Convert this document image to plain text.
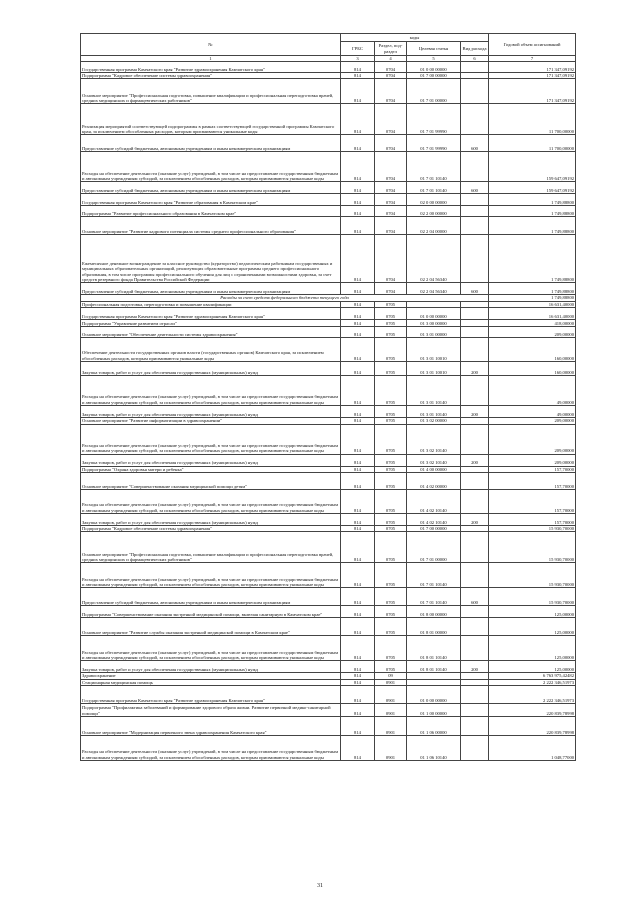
№	коды				Годовой объем ассигнований
	ГРБС	Раздел, под-раздел	Целевая статья	Вид расхода	
1	3	4	5	6	7
Государственная программа Камчатского края "Развитие здравоохранения Камчатского края"	814	0704	01 0 00 00000		171 347,09192
Подпрограмма "Кадровое обеспечение системы здравоохранения"	814	0704	01 7 00 00000		171 347,09192
Основное мероприятие "Профессиональная подготовка, повышение квалификации и профессиональная переподготовка врачей, средних медицинских и фармацевтических работников"	814	0704	01 7 01 00000		171 347,09192
Реализация мероприятий соответствующей подпрограммы в рамках соответствующей государственной программы Камчатского края, за исключением обособленных расходов, которым присваиваются уникальные коды	814	0704	01 7 01 99990		11 700,00000
Предоставление субсидий бюджетным, автономным учреждениям и иным некоммерческим организациям	814	0704	01 7 01 99990	600	11 700,00000
Расходы на обеспечение деятельности (оказание услуг) учреждений, в том числе на предоставление государственным бюджетным и автономным учреждениям субсидий, за исключением обособленных расходов, которым присваиваются уникальные коды	814	0704	01 7 01 10140		159 647,09192
Предоставление субсидий бюджетным, автономным учреждениям и иным некоммерческим организациям	814	0704	01 7 01 10140	600	159 647,09192
Государственная программа Камчатского края "Развитие образования в Камчатском крае"	814	0704	02 0 00 00000		1 749,88800
Подпрограмма "Развитие профессионального образования в Камчатском крае"	814	0704	02 2 00 00000		1 749,88800
Основное мероприятие "Развитие кадрового потенциала системы среднего профессионального образования"	814	0704	02 2 04 00000		1 749,88800
Ежемесячное денежное вознаграждение за классное руководство (кураторство) педагогическим работникам государственных и муниципальных образовательных организаций, реализующих образовательные программы среднего профессионального образования, в том числе программы профессионального обучения для лиц с ограниченными возможностями здоровья, за счет средств резервного фонда Правительства Российской Федерации	814	0704	02 2 04 56340		1 749,88800
Предоставление субсидий бюджетным, автономным учреждениям и иным некоммерческим организациям	814	0704	02 2 04 56340	600	1 749,88800
Расходы за счет средств федерального бюджета текущего года					1 749,88800
Профессиональная подготовка, переподготовка и повышение квалификации	814	0705			16 631,40000
Государственная программа Камчатского края "Развитие здравоохранения Камчатского края"	814	0705	01 0 00 00000		16 631,40000
Подпрограмма "Управление развитием отрасли"	814	0705	01 3 00 00000		418,00000
Основное мероприятие "Обеспечение деятельности системы здравоохранения"	814	0705	01 3 01 00000		209,00000
Обеспечение деятельности государственных органов власти (государственных органов) Камчатского края, за исключением обособленных расходов, которым присваиваются уникальные коды	814	0705	01 3 01 10010		160,00000
Закупка товаров, работ и услуг для обеспечения государственных (муниципальных) нужд	814	0705	01 3 01 10010	200	160,00000
Расходы на обеспечение деятельности (оказание услуг) учреждений, в том числе на предоставление государственным бюджетным и автономным учреждениям субсидий, за исключением обособленных расходов, которым присваиваются уникальные коды	814	0705	01 3 01 10140		49,00000
Закупка товаров, работ и услуг для обеспечения государственных (муниципальных) нужд	814	0705	01 3 01 10140	200	49,00000
Основное мероприятие "Развитие информатизации в здравоохранении"	814	0705	01 3 02 00000		209,00000
Расходы на обеспечение деятельности (оказание услуг) учреждений, в том числе на предоставление государственным бюджетным и автономным учреждениям субсидий, за исключением обособленных расходов, которым присваиваются уникальные коды	814	0705	01 3 02 10140		209,00000
Закупка товаров, работ и услуг для обеспечения государственных (муниципальных) нужд	814	0705	01 3 02 10140	200	209,00000
Подпрограмма "Охрана здоровья матери и ребенка"	814	0705	01 4 00 00000		157,70000
Основное мероприятие "Совершенствование оказания медицинской помощи детям"	814	0705	01 4 02 00000		157,70000
Расходы на обеспечение деятельности (оказание услуг) учреждений, в том числе на предоставление государственным бюджетным и автономным учреждениям субсидий, за исключением обособленных расходов, которым присваиваются уникальные коды	814	0705	01 4 02 10140		157,70000
Закупка товаров, работ и услуг для обеспечения государственных (муниципальных) нужд	814	0705	01 4 02 10140	200	157,70000
Подпрограмма "Кадровое обеспечение системы здравоохранения"	814	0705	01 7 00 00000		15 930,70000
Основное мероприятие "Профессиональная подготовка, повышение квалификации и профессиональная переподготовка врачей, средних медицинских и фармацевтических работников"	814	0705	01 7 01 00000		15 930,70000
Расходы на обеспечение деятельности (оказание услуг) учреждений, в том числе на предоставление государственным бюджетным и автономным учреждениям субсидий, за исключением обособленных расходов, которым присваиваются уникальные коды	814	0705	01 7 01 10140		15 930,70000
Предоставление субсидий бюджетным, автономным учреждениям и иным некоммерческим организациям	814	0705	01 7 01 10140	600	15 930,70000
Подпрограмма "Совершенствование оказания экстренной медицинской помощи, включая санитарную в Камчатском крае"	814	0705	01 8 00 00000		125,00000
Основное мероприятие "Развитие службы оказания экстренной медицинской помощи в Камчатском крае"	814	0705	01 8 01 00000		125,00000
Расходы на обеспечение деятельности (оказание услуг) учреждений, в том числе на предоставление государственным бюджетным и автономным учреждениям субсидий, за исключением обособленных расходов, которым присваиваются уникальные коды	814	0705	01 8 01 10140		125,00000
Закупка товаров, работ и услуг для обеспечения государственных (муниципальных) нужд	814	0705	01 8 01 10140	200	125,00000
Здравоохранение	814	09			6 763 975,42482
Стационарная медицинская помощь	814	0901			2 222 346,51973
Государственная программа Камчатского края "Развитие здравоохранения Камчатского края"	814	0901	01 0 00 00000		2 222 346,51973
Подпрограмма "Профилактика заболеваний и формирование здорового образа жизни. Развитие первичной медико-санитарной помощи"	814	0901	01 1 00 00000		220 839,78998
Основное мероприятие "Модернизация первичного звена здравоохранения Камчатского края"	814	0901	01 1 06 00000		220 839,78998
Расходы на обеспечение деятельности (оказание услуг) учреждений, в том числе на предоставление государственным бюджетным и автономным учреждениям субсидий, за исключением обособленных расходов, которым присваиваются уникальные коды	814	0901	01 1 06 10140		1 048,77000
31
